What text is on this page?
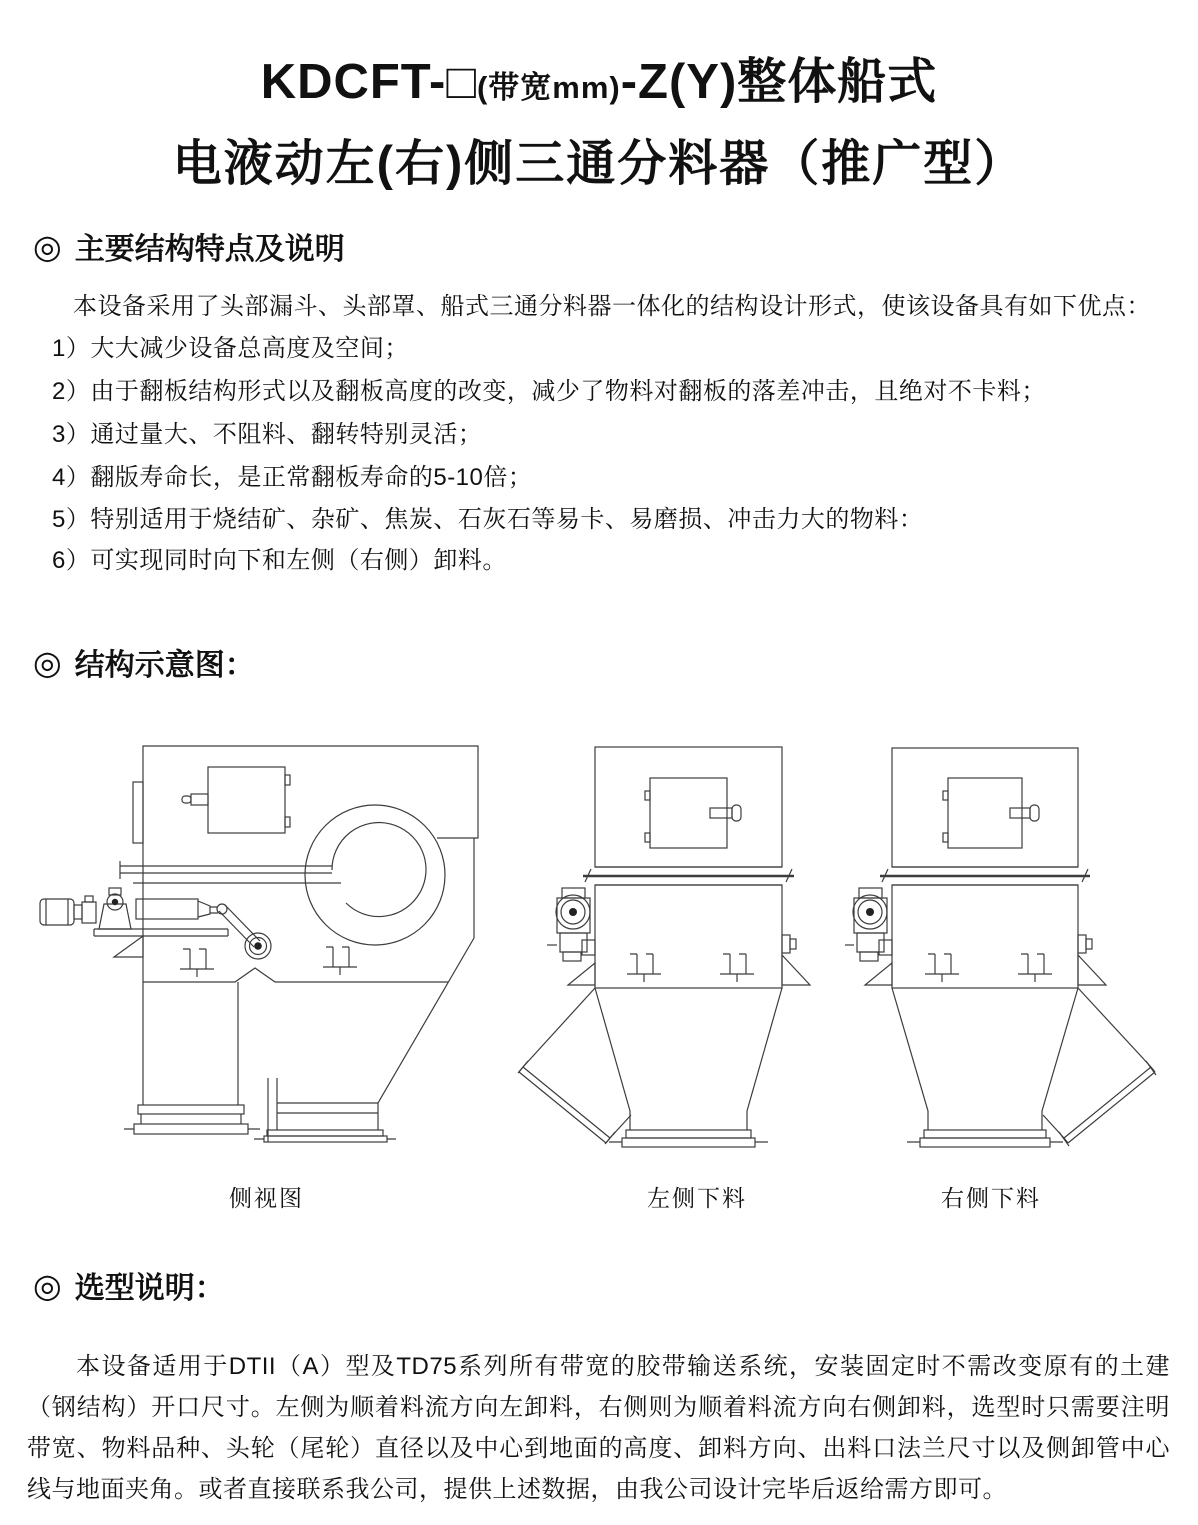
KDCFT-□(带宽mm)-Z(Y)整体船式
电液动左(右)侧三通分料器（推广型）
◎ 主要结构特点及说明
本设备采用了头部漏斗、头部罩、船式三通分料器一体化的结构设计形式，使该设备具有如下优点：
1）大大减少设备总高度及空间；
2）由于翻板结构形式以及翻板高度的改变，减少了物料对翻板的落差冲击，且绝对不卡料；
3）通过量大、不阻料、翻转特别灵活；
4）翻版寿命长，是正常翻板寿命的5-10倍；
5）特别适用于烧结矿、杂矿、焦炭、石灰石等易卡、易磨损、冲击力大的物料：
6）可实现同时向下和左侧（右侧）卸料。
◎ 结构示意图：
侧视图	左侧下料	右侧下料
◎ 选型说明：
本设备适用于DTII（A）型及TD75系列所有带宽的胶带输送系统，安装固定时不需改变原有的土建（钢结构）开口尺寸。左侧为顺着料流方向左卸料，右侧则为顺着料流方向右侧卸料，选型时只需要注明带宽、物料品种、头轮（尾轮）直径以及中心到地面的高度、卸料方向、出料口法兰尺寸以及侧卸管中心线与地面夹角。或者直接联系我公司，提供上述数据，由我公司设计完毕后返给需方即可。
